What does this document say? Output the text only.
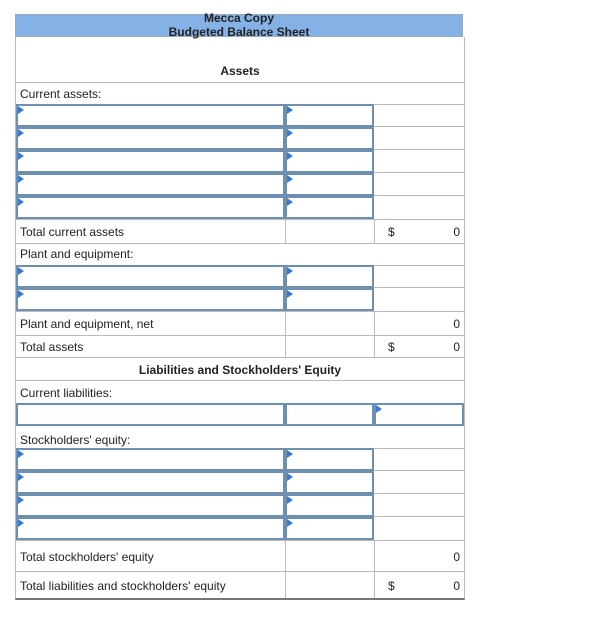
Mecca Copy
Budgeted Balance Sheet
Assets
Current assets:
Total current assets	$	0
Plant and equipment:
Plant and equipment, net	0
Total assets	$	0
Liabilities and Stockholders' Equity
Current liabilities:
Stockholders' equity:
Total stockholders' equity	0
Total liabilities and stockholders' equity	$	0
